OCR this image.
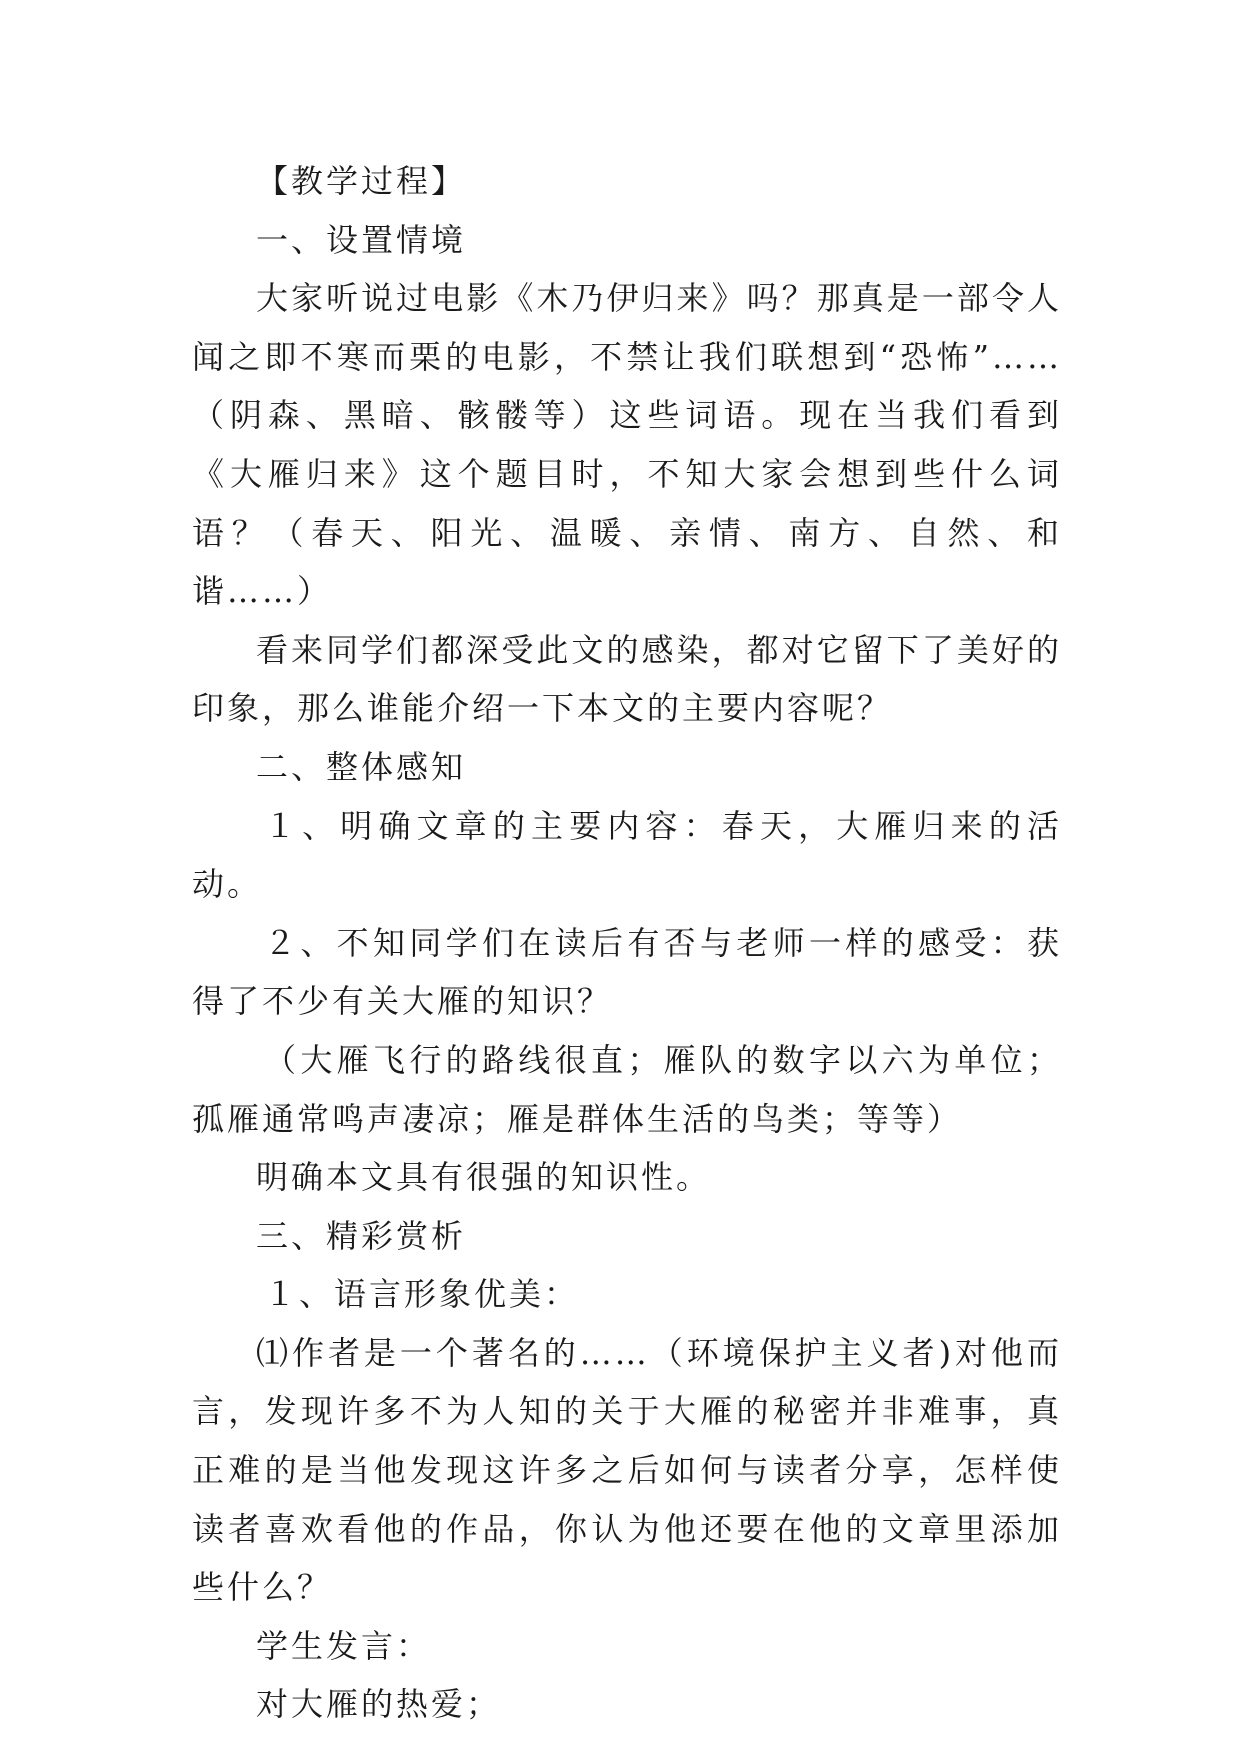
【教学过程】

一、设置情境

大家听说过电影《木乃伊归来》吗？那真是一部令人闻之即不寒而栗的电影，不禁让我们联想到“恐怖”……（阴森、黑暗、骸髅等）这些词语。现在当我们看到《大雁归来》这个题目时，不知大家会想到些什么词语？（春天、阳光、温暖、亲情、南方、自然、和谐……）

看来同学们都深受此文的感染，都对它留下了美好的印象，那么谁能介绍一下本文的主要内容呢？

二、整体感知

１、明确文章的主要内容：春天，大雁归来的活动。

２、不知同学们在读后有否与老师一样的感受：获得了不少有关大雁的知识？

（大雁飞行的路线很直；雁队的数字以六为单位；孤雁通常鸣声凄凉；雁是群体生活的鸟类；等等）

明确本文具有很强的知识性。

三、精彩赏析

１、语言形象优美：

⑴作者是一个著名的……（环境保护主义者)对他而言，发现许多不为人知的关于大雁的秘密并非难事，真正难的是当他发现这许多之后如何与读者分享，怎样使读者喜欢看他的作品，你认为他还要在他的文章里添加些什么？

学生发言：

对大雁的热爱；
